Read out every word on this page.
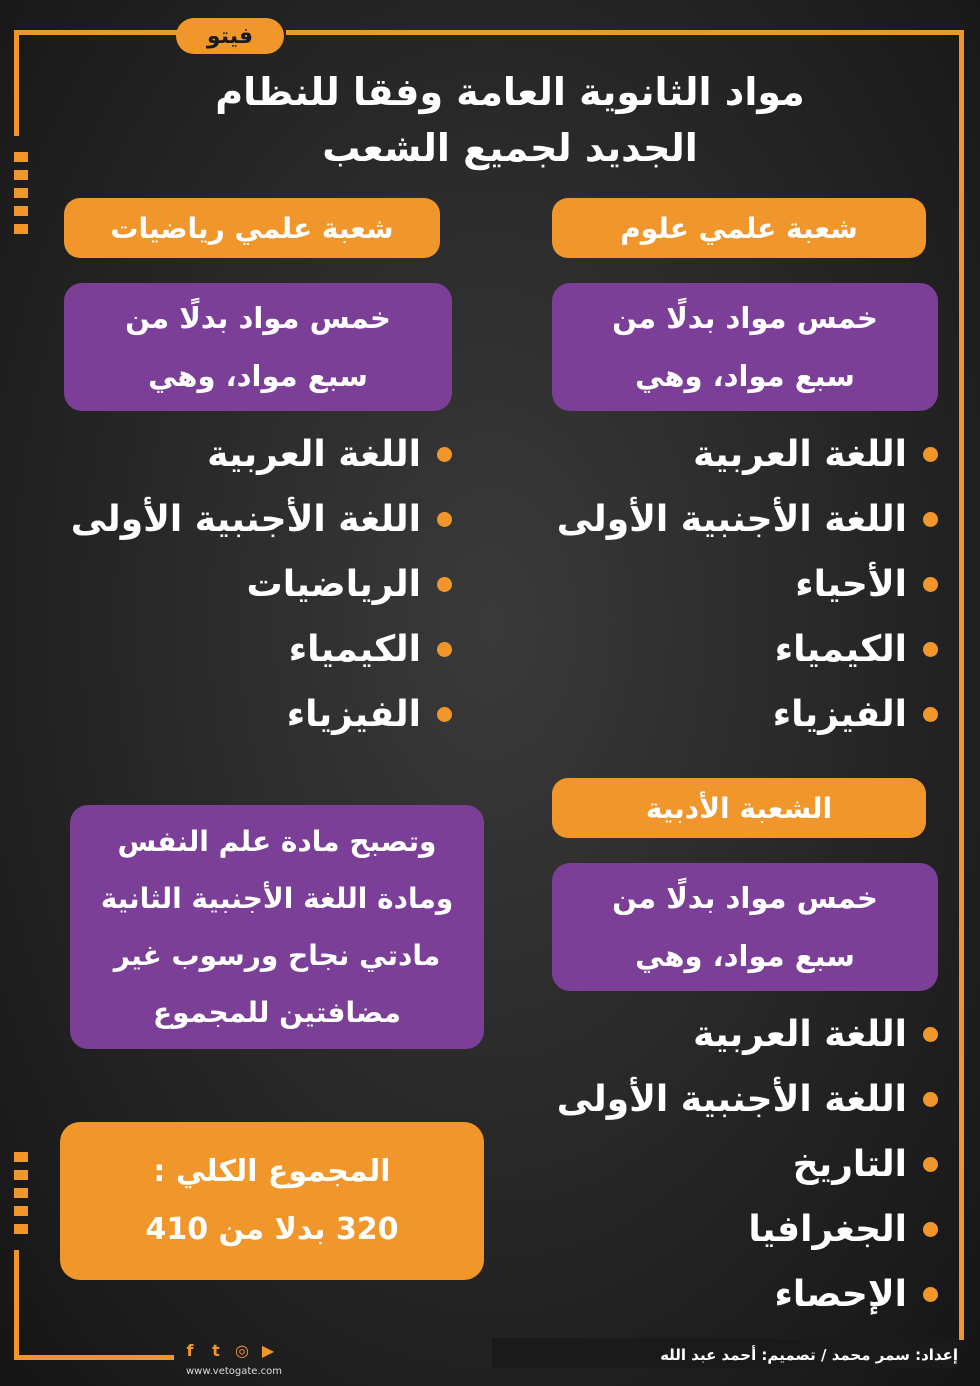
فيتو
مواد الثانوية العامة وفقا للنظام
الجديد لجميع الشعب
شعبة علمي علوم
خمس مواد بدلًا من
سبع مواد، وهي
اللغة العربية
اللغة الأجنبية الأولى
الأحياء
الكيمياء
الفيزياء
شعبة علمي رياضيات
خمس مواد بدلًا من
سبع مواد، وهي
اللغة العربية
اللغة الأجنبية الأولى
الرياضيات
الكيمياء
الفيزياء
الشعبة الأدبية
خمس مواد بدلًا من
سبع مواد، وهي
اللغة العربية
اللغة الأجنبية الأولى
التاريخ
الجغرافيا
الإحصاء
وتصبح مادة علم النفس
ومادة اللغة الأجنبية الثانية
مادتي نجاح ورسوب غير
مضافتين للمجموع
المجموع الكلي :
320 بدلا من 410
إعداد: سمر محمد / تصميم: أحمد عبد الله
f	t ◎ ▶
www.vetogate.com
